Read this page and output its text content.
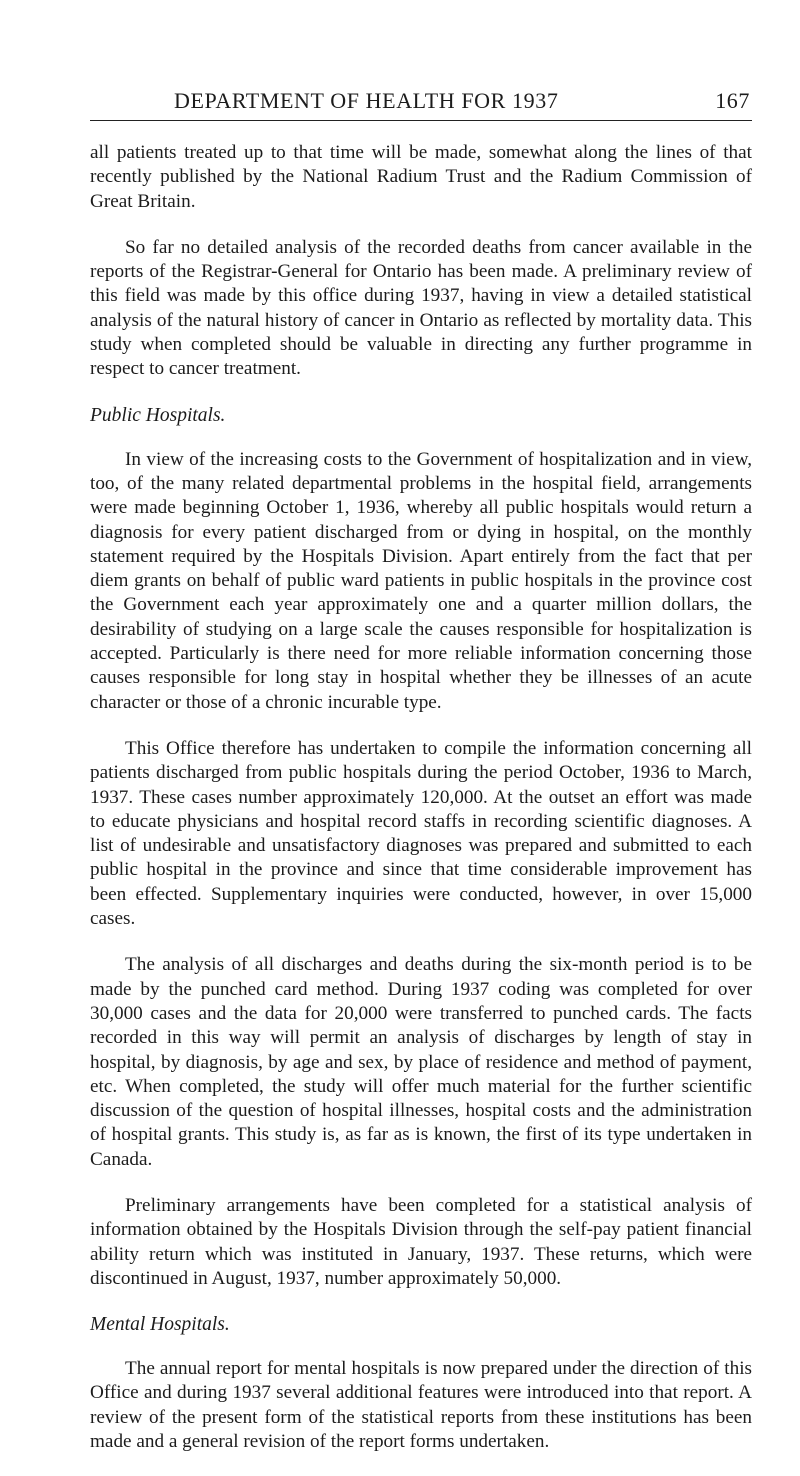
DEPARTMENT OF HEALTH FOR 1937	167

all patients treated up to that time will be made, somewhat along the lines of that recently published by the National Radium Trust and the Radium Commission of Great Britain.

So far no detailed analysis of the recorded deaths from cancer available in the reports of the Registrar-General for Ontario has been made. A preliminary review of this field was made by this office during 1937, having in view a detailed statistical analysis of the natural history of cancer in Ontario as reflected by mortality data. This study when completed should be valuable in directing any further programme in respect to cancer treatment.

Public Hospitals.

In view of the increasing costs to the Government of hospitalization and in view, too, of the many related departmental problems in the hospital field, arrangements were made beginning October 1, 1936, whereby all public hospitals would return a diagnosis for every patient discharged from or dying in hospital, on the monthly statement required by the Hospitals Division. Apart entirely from the fact that per diem grants on behalf of public ward patients in public hospitals in the province cost the Government each year approximately one and a quarter million dollars, the desirability of studying on a large scale the causes responsible for hospitalization is accepted. Particularly is there need for more reliable information concerning those causes responsible for long stay in hospital whether they be illnesses of an acute character or those of a chronic incurable type.

This Office therefore has undertaken to compile the information concerning all patients discharged from public hospitals during the period October, 1936 to March, 1937. These cases number approximately 120,000. At the outset an effort was made to educate physicians and hospital record staffs in recording scientific diagnoses. A list of undesirable and unsatisfactory diagnoses was prepared and submitted to each public hospital in the province and since that time considerable improvement has been effected. Supplementary inquiries were conducted, however, in over 15,000 cases.

The analysis of all discharges and deaths during the six-month period is to be made by the punched card method. During 1937 coding was completed for over 30,000 cases and the data for 20,000 were transferred to punched cards. The facts recorded in this way will permit an analysis of discharges by length of stay in hospital, by diagnosis, by age and sex, by place of residence and method of payment, etc. When completed, the study will offer much material for the further scientific discussion of the question of hospital illnesses, hospital costs and the administration of hospital grants. This study is, as far as is known, the first of its type undertaken in Canada.

Preliminary arrangements have been completed for a statistical analysis of information obtained by the Hospitals Division through the self-pay patient financial ability return which was instituted in January, 1937. These returns, which were discontinued in August, 1937, number approximately 50,000.

Mental Hospitals.

The annual report for mental hospitals is now prepared under the direction of this Office and during 1937 several additional features were introduced into that report. A review of the present form of the statistical reports from these institutions has been made and a general revision of the report forms undertaken.
